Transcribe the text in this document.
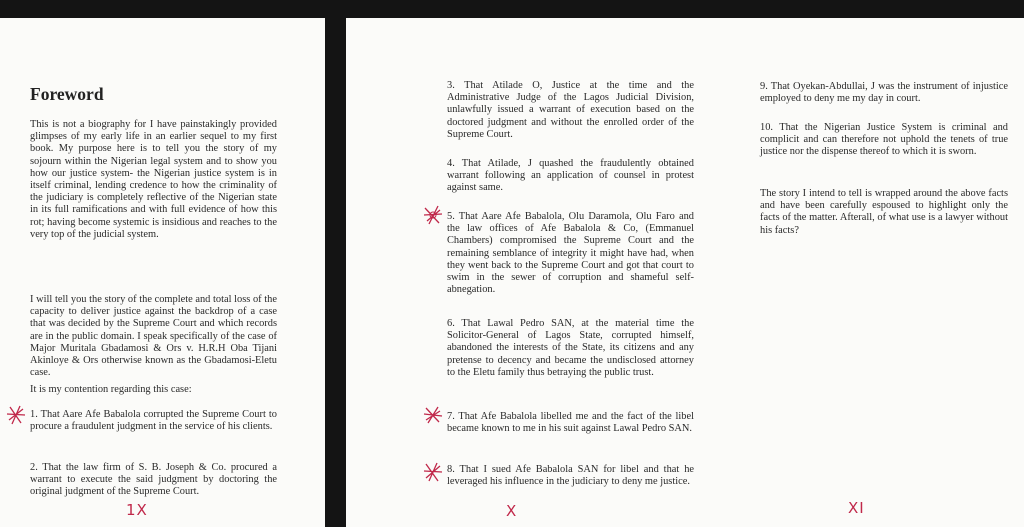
Foreword
This is not a biography for I have painstakingly provided glimpses of my early life in an earlier sequel to my first book. My purpose here is to tell you the story of my sojourn within the Nigerian legal system and to show you how our justice system- the Nigerian justice system is in itself criminal, lending credence to how the criminality of the judiciary is completely reflective of the Nigerian state in its full ramifications and with full evidence of how this rot; having become systemic is insidious and reaches to the very top of the judicial system.
I will tell you the story of the complete and total loss of the capacity to deliver justice against the backdrop of a case that was decided by the Supreme Court and which records are in the public domain. I speak specifically of the case of Major Muritala Gbadamosi & Ors v. H.R.H Oba Tijani Akinloye & Ors otherwise known as the Gbadamosi-Eletu case.
It is my contention regarding this case:
1. That Aare Afe Babalola corrupted the Supreme Court to procure a fraudulent judgment in the service of his clients.
2. That the law firm of S. B. Joseph & Co. procured a warrant to execute the said judgment by doctoring the original judgment of the Supreme Court.
1X
3. That Atilade O, Justice at the time and the Administrative Judge of the Lagos Judicial Division, unlawfully issued a warrant of execution based on the doctored judgment and without the enrolled order of the Supreme Court.
4. That Atilade, J quashed the fraudulently obtained warrant following an application of counsel in protest against same.
5. That Aare Afe Babalola, Olu Daramola, Olu Faro and the law offices of Afe Babalola & Co, (Emmanuel Chambers) compromised the Supreme Court and the remaining semblance of integrity it might have had, when they went back to the Supreme Court and got that court to swim in the sewer of corruption and shameful self-abnegation.
6. That Lawal Pedro SAN, at the material time the Solicitor-General of Lagos State, corrupted himself, abandoned the interests of the State, its citizens and any pretense to decency and became the undisclosed attorney to the Eletu family thus betraying the public trust.
7. That Afe Babalola libelled me and the fact of the libel became known to me in his suit against Lawal Pedro SAN.
8. That I sued Afe Babalola SAN for libel and that he leveraged his influence in the judiciary to deny me justice.
9. That Oyekan-Abdullai, J was the instrument of injustice employed to deny me my day in court.
10. That the Nigerian Justice System is criminal and complicit and can therefore not uphold the tenets of true justice nor the dispense thereof to which it is sworn.
The story I intend to tell is wrapped around the above facts and have been carefully espoused to highlight only the facts of the matter. Afterall, of what use is a lawyer without his facts?
X	XI
